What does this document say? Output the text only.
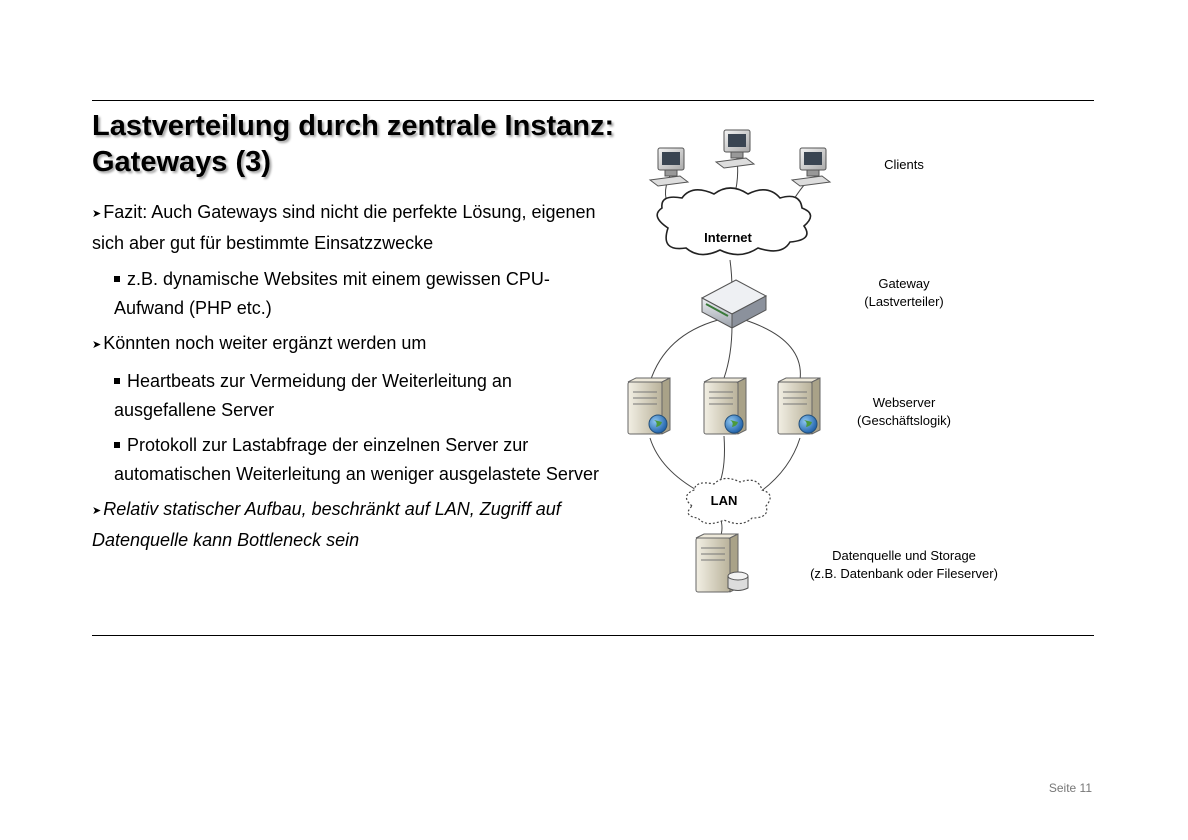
Lastverteilung durch zentrale Instanz:
Gateways (3)
➤ Fazit: Auch Gateways sind nicht die perfekte Lösung, eigenen sich aber gut für bestimmte Einsatzzwecke
z.B. dynamische Websites mit einem gewissen CPU-Aufwand (PHP etc.)
➤ Könnten noch weiter ergänzt werden um
Heartbeats zur Vermeidung der Weiterleitung an ausgefallene Server
Protokoll zur Lastabfrage der einzelnen Server zur automatischen Weiterleitung an weniger ausgelastete Server
➤ Relativ statischer Aufbau, beschränkt auf LAN, Zugriff auf Datenquelle kann Bottleneck sein
Internet
LAN
Clients
Gateway
(Lastverteiler)
Webserver
(Geschäftslogik)
Datenquelle und Storage
(z.B. Datenbank oder Fileserver)
Seite 11
